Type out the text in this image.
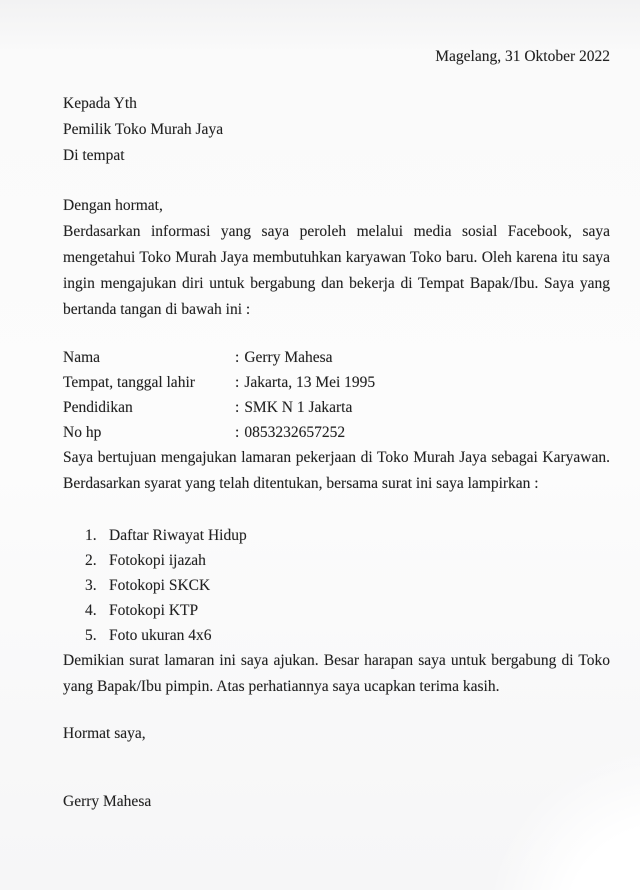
Magelang, 31 Oktober 2022
Kepada Yth
Pemilik Toko Murah Jaya
Di tempat
Dengan hormat,

Berdasarkan informasi yang saya peroleh melalui media sosial Facebook, saya mengetahui Toko Murah Jaya membutuhkan karyawan Toko baru. Oleh karena itu saya ingin mengajukan diri untuk bergabung dan bekerja di Tempat Bapak/Ibu. Saya yang bertanda tangan di bawah ini :

Nama	: Gerry Mahesa
Tempat, tanggal lahir	: Jakarta, 13 Mei 1995
Pendidikan	: SMK N 1 Jakarta
No hp	: 0853232657252

Saya bertujuan mengajukan lamaran pekerjaan di Toko Murah Jaya sebagai Karyawan. Berdasarkan syarat yang telah ditentukan, bersama surat ini saya lampirkan :

1. Daftar Riwayat Hidup
2. Fotokopi ijazah
3. Fotokopi SKCK
4. Fotokopi KTP
5. Foto ukuran 4x6

Demikian surat lamaran ini saya ajukan. Besar harapan saya untuk bergabung di Toko yang Bapak/Ibu pimpin. Atas perhatiannya saya ucapkan terima kasih.

Hormat saya,
Gerry Mahesa
